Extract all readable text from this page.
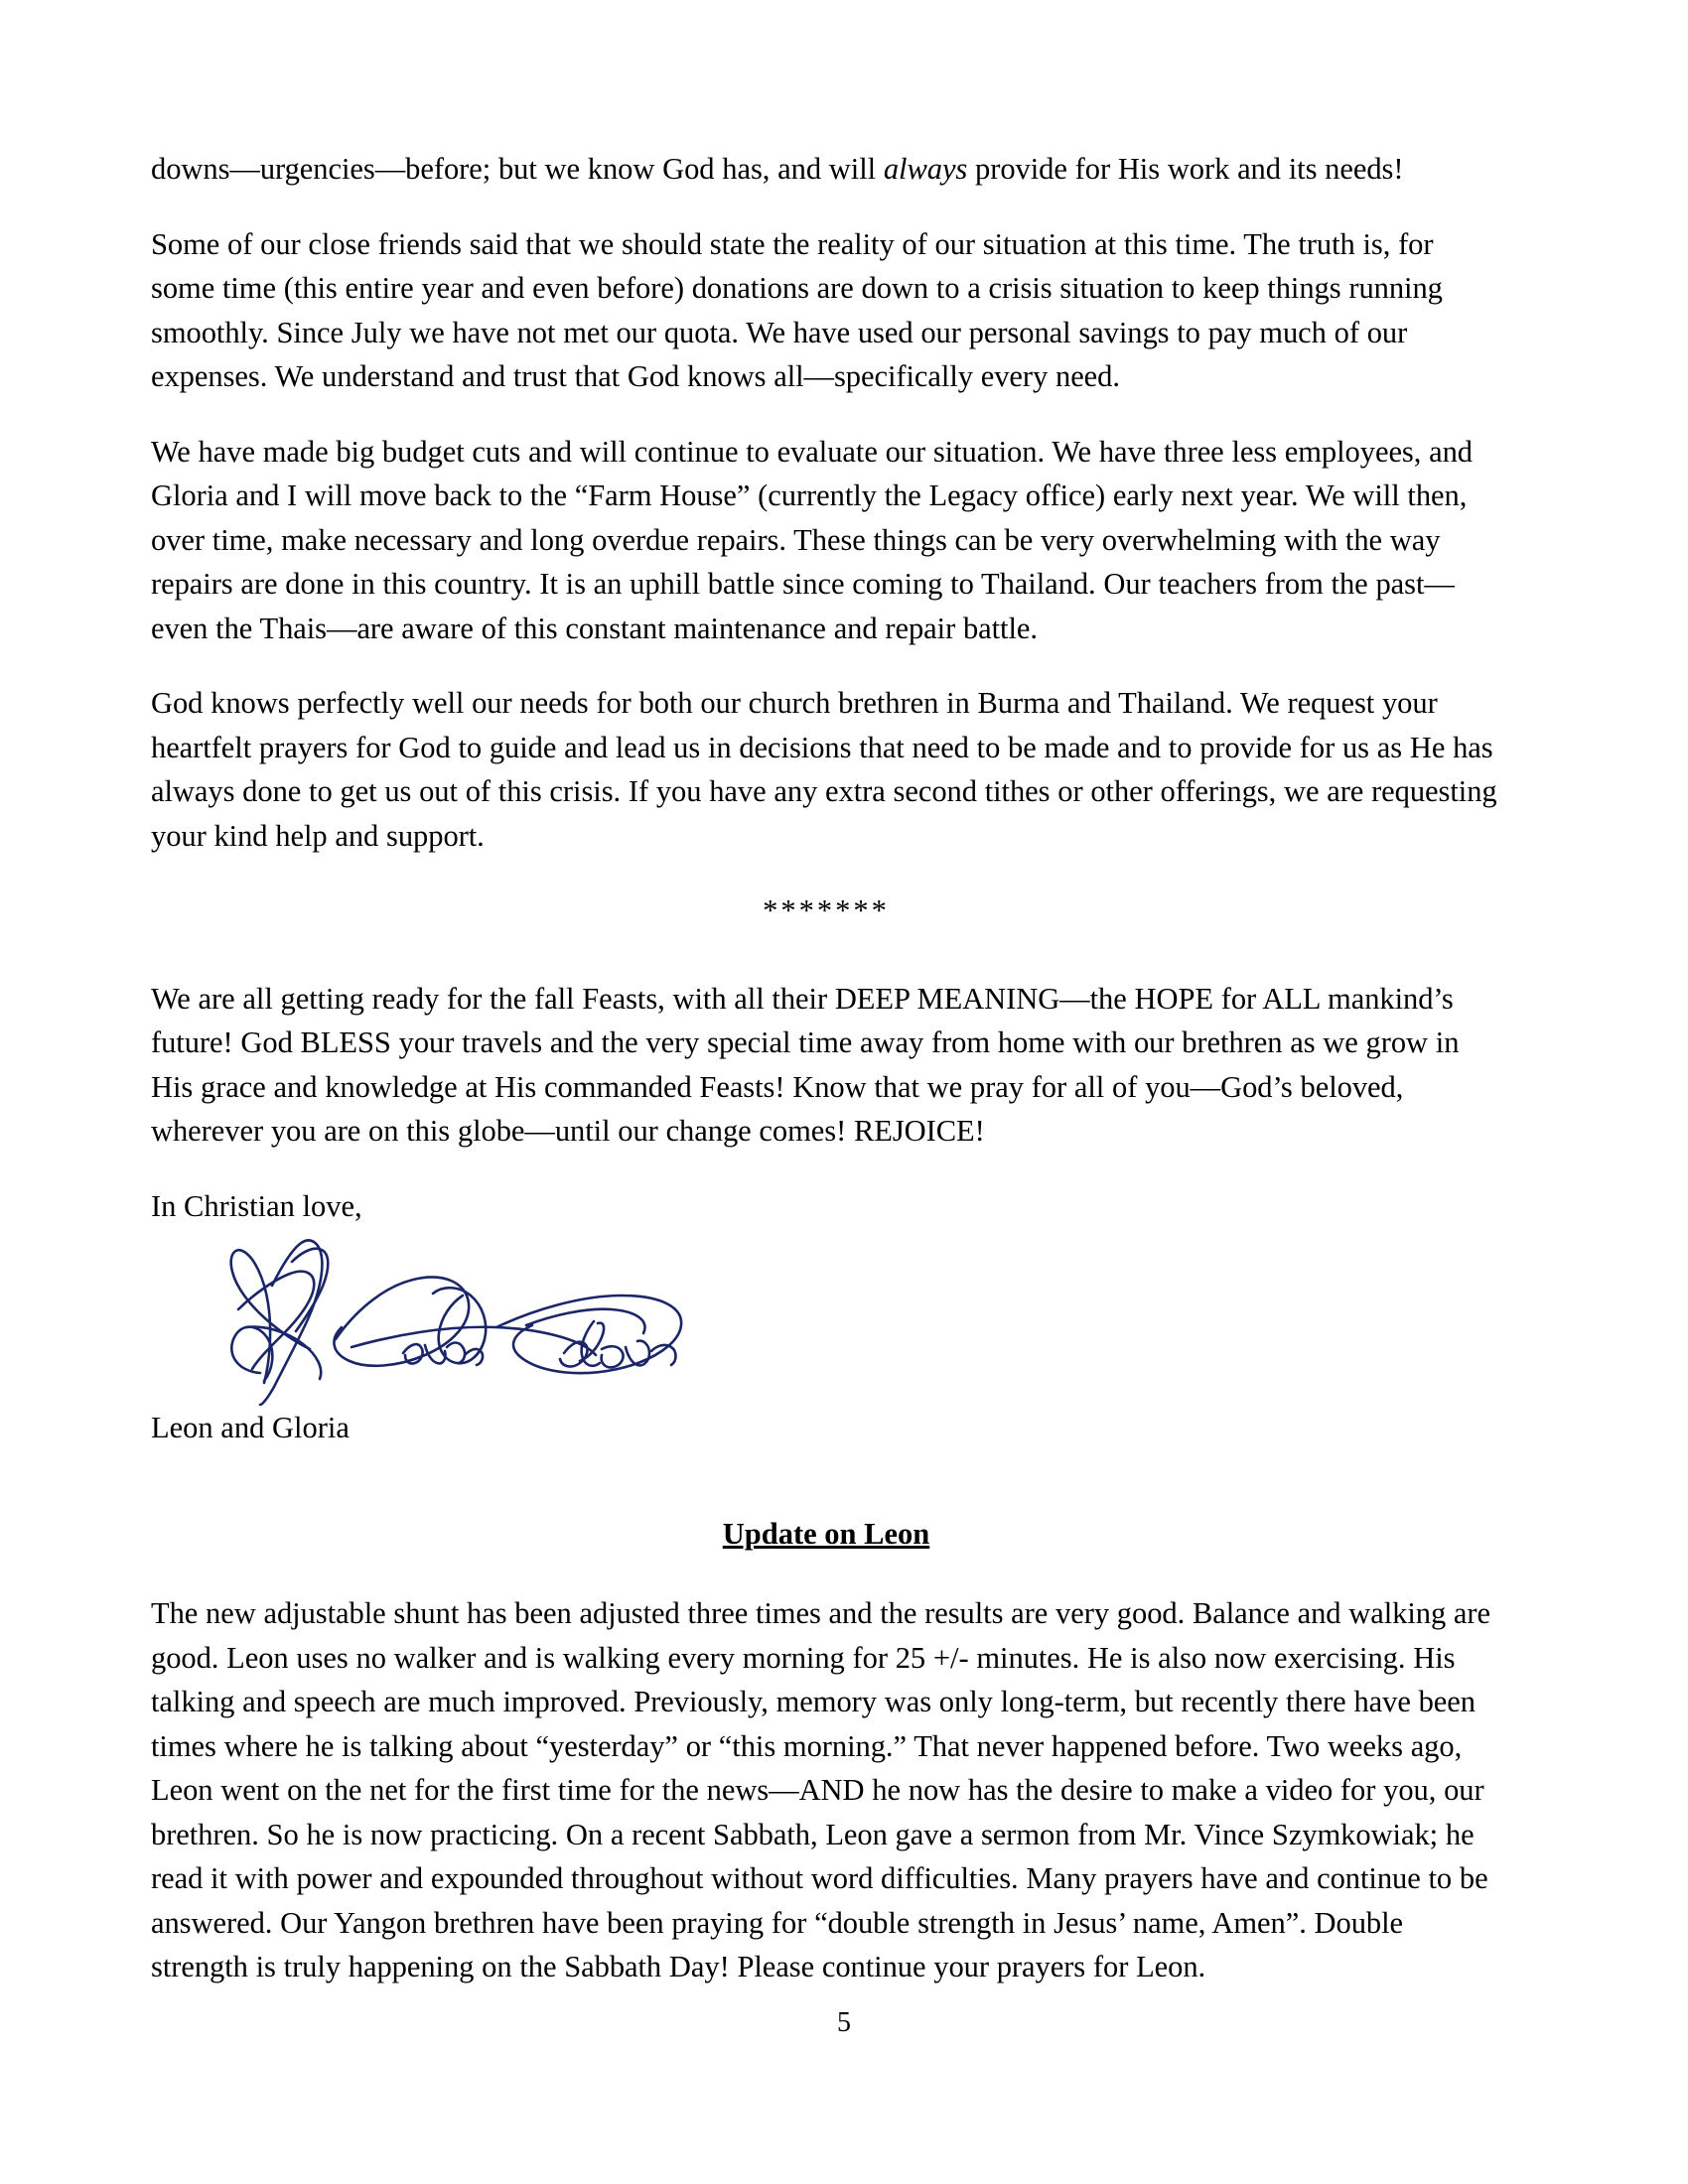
downs—urgencies—before; but we know God has, and will always provide for His work and its needs!

Some of our close friends said that we should state the reality of our situation at this time. The truth is, for some time (this entire year and even before) donations are down to a crisis situation to keep things running smoothly. Since July we have not met our quota. We have used our personal savings to pay much of our expenses. We understand and trust that God knows all—specifically every need.

We have made big budget cuts and will continue to evaluate our situation. We have three less employees, and Gloria and I will move back to the “Farm House” (currently the Legacy office) early next year. We will then, over time, make necessary and long overdue repairs. These things can be very overwhelming with the way repairs are done in this country. It is an uphill battle since coming to Thailand. Our teachers from the past—even the Thais—are aware of this constant maintenance and repair battle.

God knows perfectly well our needs for both our church brethren in Burma and Thailand. We request your heartfelt prayers for God to guide and lead us in decisions that need to be made and to provide for us as He has always done to get us out of this crisis. If you have any extra second tithes or other offerings, we are requesting your kind help and support.

*******

We are all getting ready for the fall Feasts, with all their DEEP MEANING—the HOPE for ALL mankind’s future! God BLESS your travels and the very special time away from home with our brethren as we grow in His grace and knowledge at His commanded Feasts! Know that we pray for all of you—God’s beloved, wherever you are on this globe—until our change comes! REJOICE!

In Christian love,

Leon and Gloria

Update on Leon

The new adjustable shunt has been adjusted three times and the results are very good. Balance and walking are good. Leon uses no walker and is walking every morning for 25 +/- minutes. He is also now exercising. His talking and speech are much improved. Previously, memory was only long-term, but recently there have been times where he is talking about “yesterday” or “this morning.” That never happened before. Two weeks ago, Leon went on the net for the first time for the news—AND he now has the desire to make a video for you, our brethren. So he is now practicing. On a recent Sabbath, Leon gave a sermon from Mr. Vince Szymkowiak; he read it with power and expounded throughout without word difficulties. Many prayers have and continue to be answered. Our Yangon brethren have been praying for “double strength in Jesus’ name, Amen”. Double strength is truly happening on the Sabbath Day! Please continue your prayers for Leon.

5
